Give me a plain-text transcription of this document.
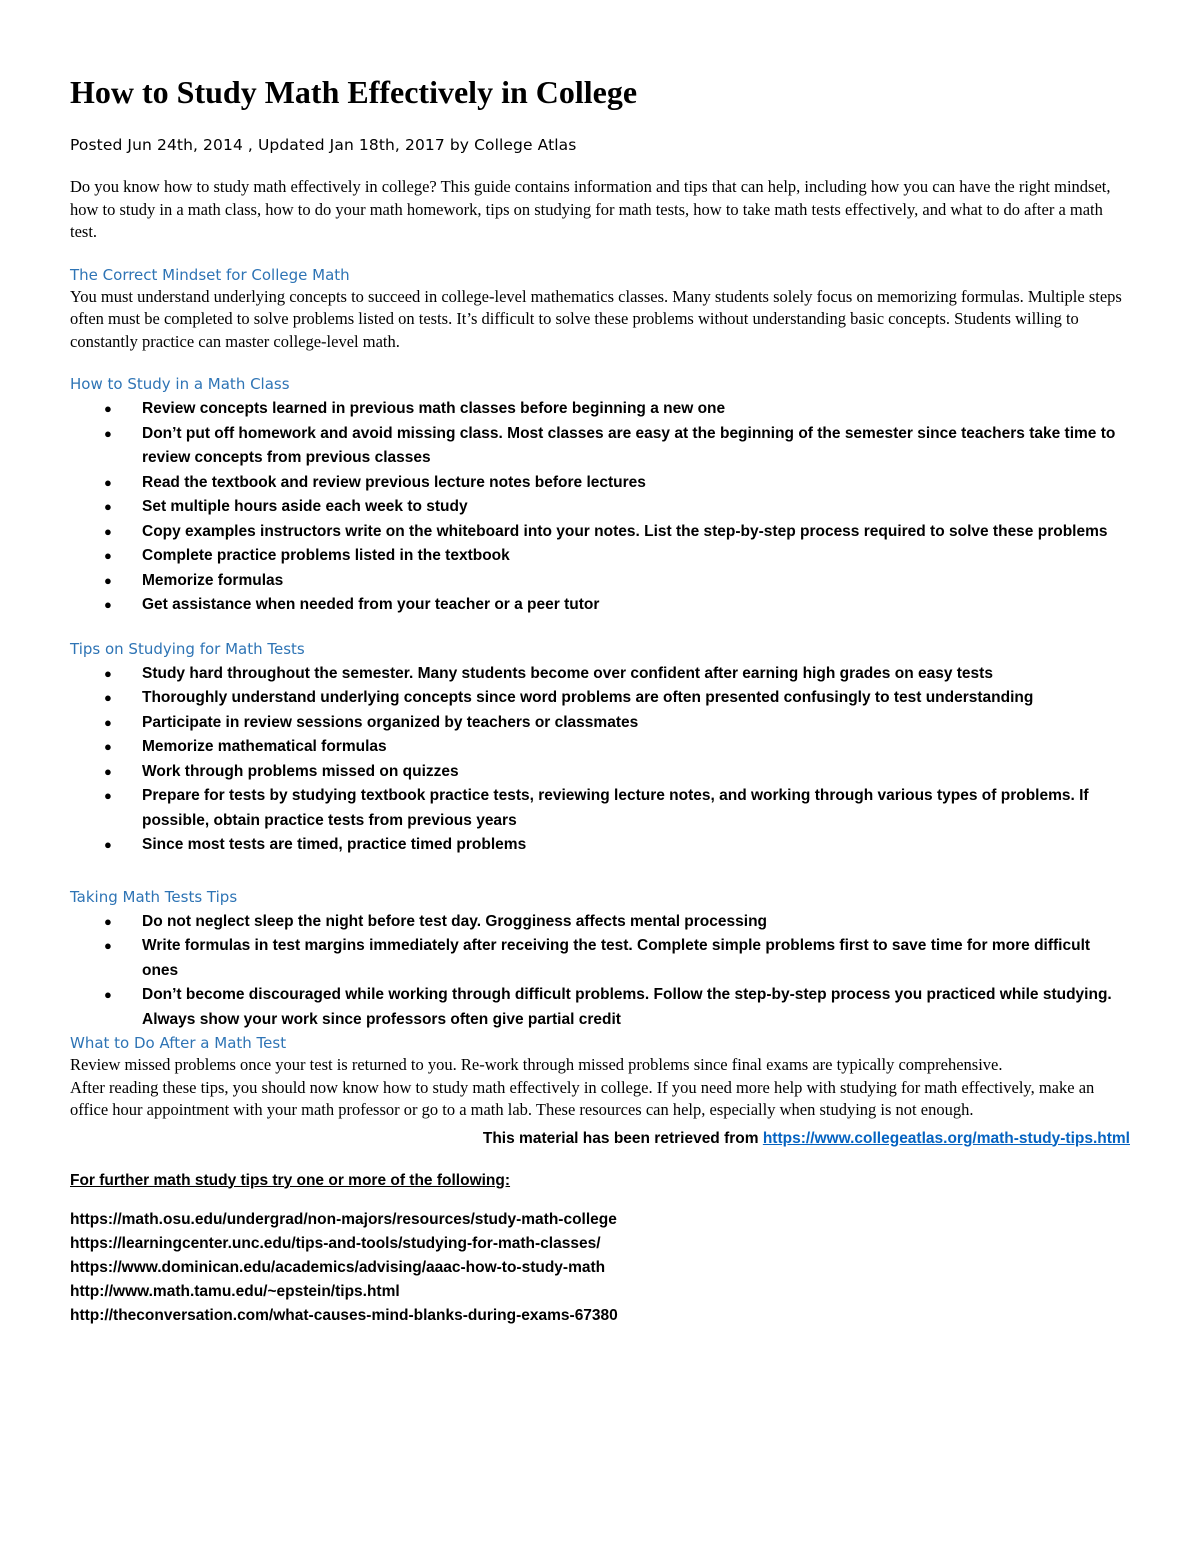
How to Study Math Effectively in College

Posted Jun 24th, 2014 , Updated Jan 18th, 2017 by College Atlas

Do you know how to study math effectively in college? This guide contains information and tips that can help, including how you can have the right mindset, how to study in a math class, how to do your math homework, tips on studying for math tests, how to take math tests effectively, and what to do after a math test.

The Correct Mindset for College Math

You must understand underlying concepts to succeed in college-level mathematics classes. Many students solely focus on memorizing formulas. Multiple steps often must be completed to solve problems listed on tests. It’s difficult to solve these problems without understanding basic concepts. Students willing to constantly practice can master college-level math.

How to Study in a Math Class
● Review concepts learned in previous math classes before beginning a new one
● Don’t put off homework and avoid missing class. Most classes are easy at the beginning of the semester since teachers take time to review concepts from previous classes
● Read the textbook and review previous lecture notes before lectures
● Set multiple hours aside each week to study
● Copy examples instructors write on the whiteboard into your notes. List the step-by-step process required to solve these problems
● Complete practice problems listed in the textbook
● Memorize formulas
● Get assistance when needed from your teacher or a peer tutor
Tips on Studying for Math Tests
● Study hard throughout the semester. Many students become over confident after earning high grades on easy tests
● Thoroughly understand underlying concepts since word problems are often presented confusingly to test understanding
● Participate in review sessions organized by teachers or classmates
● Memorize mathematical formulas
● Work through problems missed on quizzes
● Prepare for tests by studying textbook practice tests, reviewing lecture notes, and working through various types of problems. If possible, obtain practice tests from previous years
● Since most tests are timed, practice timed problems
Taking Math Tests Tips
● Do not neglect sleep the night before test day. Grogginess affects mental processing
● Write formulas in test margins immediately after receiving the test. Complete simple problems first to save time for more difficult ones
● Don’t become discouraged while working through difficult problems. Follow the step-by-step process you practiced while studying. Always show your work since professors often give partial credit
What to Do After a Math Test

Review missed problems once your test is returned to you. Re-work through missed problems since final exams are typically comprehensive.

After reading these tips, you should now know how to study math effectively in college. If you need more help with studying for math effectively, make an office hour appointment with your math professor or go to a math lab. These resources can help, especially when studying is not enough.

This material has been retrieved from https://www.collegeatlas.org/math-study-tips.html
For further math study tips try one or more of the following:
https://math.osu.edu/undergrad/non-majors/resources/study-math-college
https://learningcenter.unc.edu/tips-and-tools/studying-for-math-classes/
https://www.dominican.edu/academics/advising/aaac-how-to-study-math
http://www.math.tamu.edu/~epstein/tips.html
http://theconversation.com/what-causes-mind-blanks-during-exams-67380
